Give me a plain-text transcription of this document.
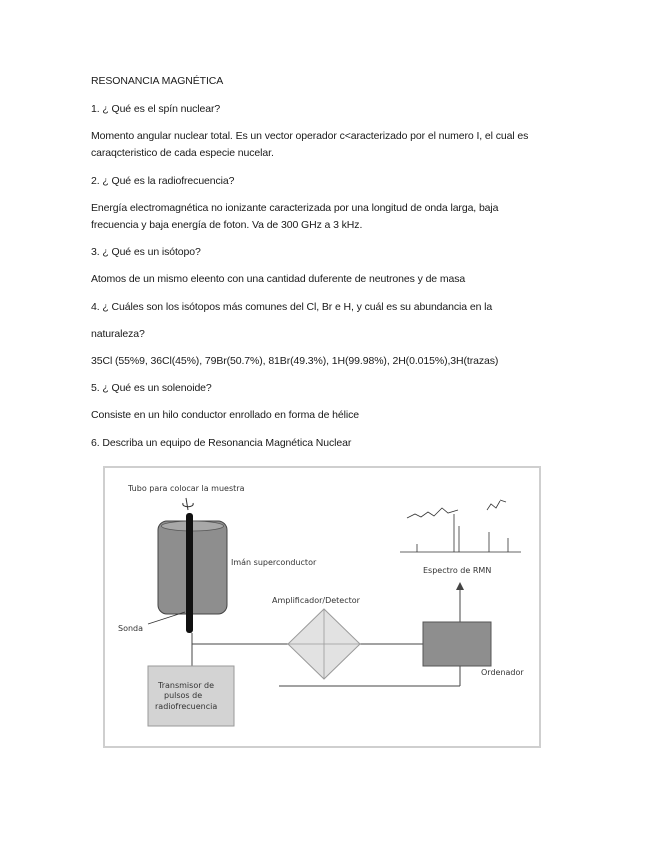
RESONANCIA MAGNÉTICA
1. ¿ Qué es el spín nuclear?
Momento angular nuclear total. Es un vector operador c<aracterizado por el numero I, el cual es
caraqcteristico de cada especie nucelar.
2. ¿ Qué es la radiofrecuencia?
Energía electromagnética no ionizante caracterizada por una longitud de onda larga, baja
frecuencia y baja energía de foton. Va de 300 GHz a 3 kHz.
3. ¿ Qué es un isótopo?
Atomos de un mismo eleento con una cantidad duferente de neutrones y de masa
4. ¿ Cuáles son los isótopos más comunes del Cl, Br e H, y cuál es su abundancia en la
naturaleza?
35Cl (55%9, 36Cl(45%), 79Br(50.7%), 81Br(49.3%), 1H(99.98%), 2H(0.015%),3H(trazas)
5. ¿ Qué es un solenoide?
Consiste en un hilo conductor enrollado en forma de hélice
6. Describa un equipo de Resonancia Magnética Nuclear
Tubo para colocar la muestra
Imán superconductor
Sonda
Amplificador/Detector
Ordenador
Transmisor de
pulsos de
radiofrecuencia
Espectro de RMN
